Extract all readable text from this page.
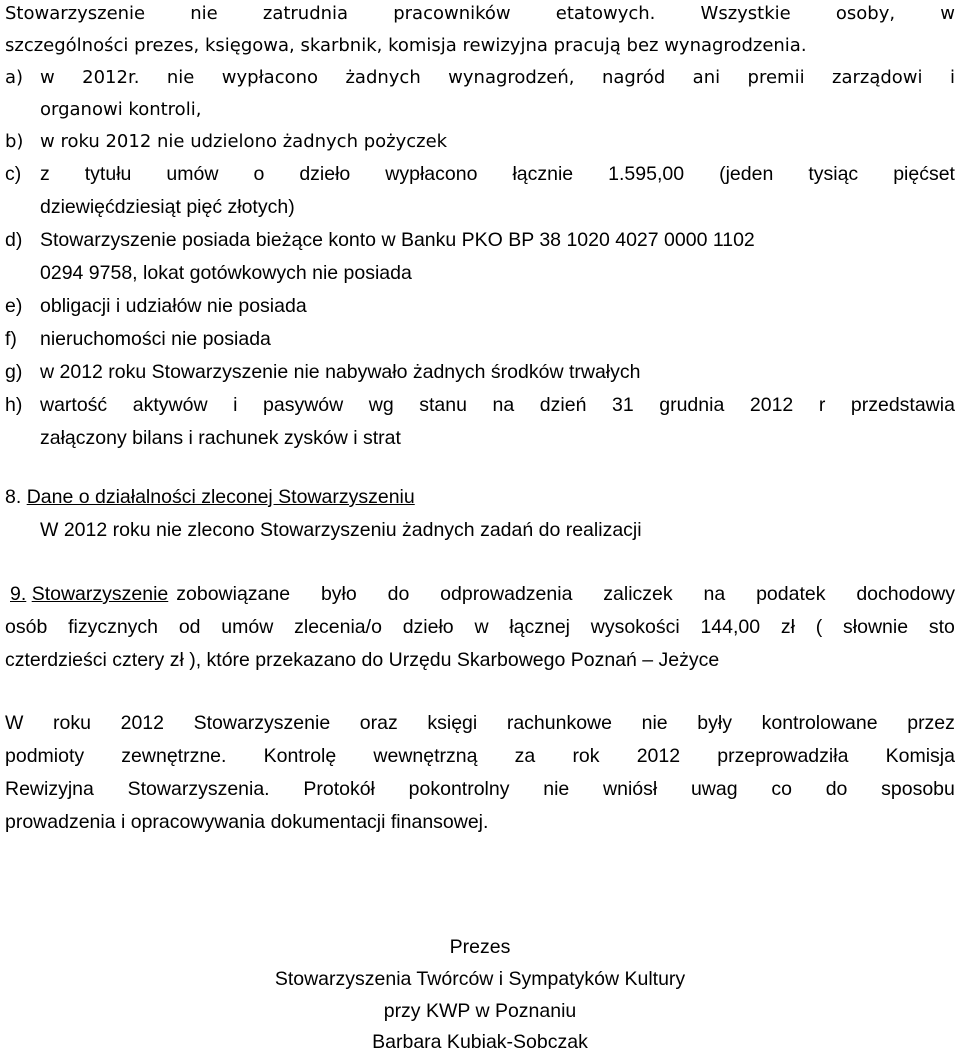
Stowarzyszenie	nie	zatrudnia	pracowników	etatowych.	Wszystkie	osoby,	w
szczególności prezes, księgowa, skarbnik, komisja rewizyjna pracują bez wynagrodzenia.
a) w 2012r. nie wypłacono żadnych wynagrodzeń, nagród ani premii zarządowi i
organowi kontroli,
b) w roku 2012 nie udzielono żadnych pożyczek
c) z tytułu umów o dzieło wypłacono łącznie 1.595,00 (jeden tysiąc pięćset
dziewięćdziesiąt pięć złotych)
d) Stowarzyszenie posiada bieżące konto w Banku PKO BP 38 1020 4027 0000 1102
0294 9758, lokat gotówkowych nie posiada
e) obligacji i udziałów nie posiada
f) nieruchomości nie posiada
g) w 2012 roku Stowarzyszenie nie nabywało żadnych środków trwałych
h) wartość aktywów i pasywów wg stanu na dzień 31 grudnia 2012 r przedstawia
załączony bilans i rachunek zysków i strat
8. Dane o działalności zleconej Stowarzyszeniu
W 2012 roku nie zlecono Stowarzyszeniu żadnych zadań do realizacji
9. Stowarzyszenie zobowiązane było do odprowadzenia zaliczek na podatek dochodowy
osób fizycznych od umów zlecenia/o dzieło w łącznej wysokości 144,00 zł ( słownie sto
czterdzieści cztery zł ), które przekazano do Urzędu Skarbowego Poznań – Jeżyce
W roku 2012 Stowarzyszenie oraz księgi rachunkowe nie były kontrolowane przez
podmioty zewnętrzne. Kontrolę wewnętrzną za rok 2012 przeprowadziła Komisja
Rewizyjna Stowarzyszenia. Protokół pokontrolny nie wniósł uwag co do sposobu
prowadzenia i opracowywania dokumentacji finansowej.
Prezes
Stowarzyszenia Twórców i Sympatyków Kultury
przy KWP w Poznaniu
Barbara Kubiak-Sobczak
